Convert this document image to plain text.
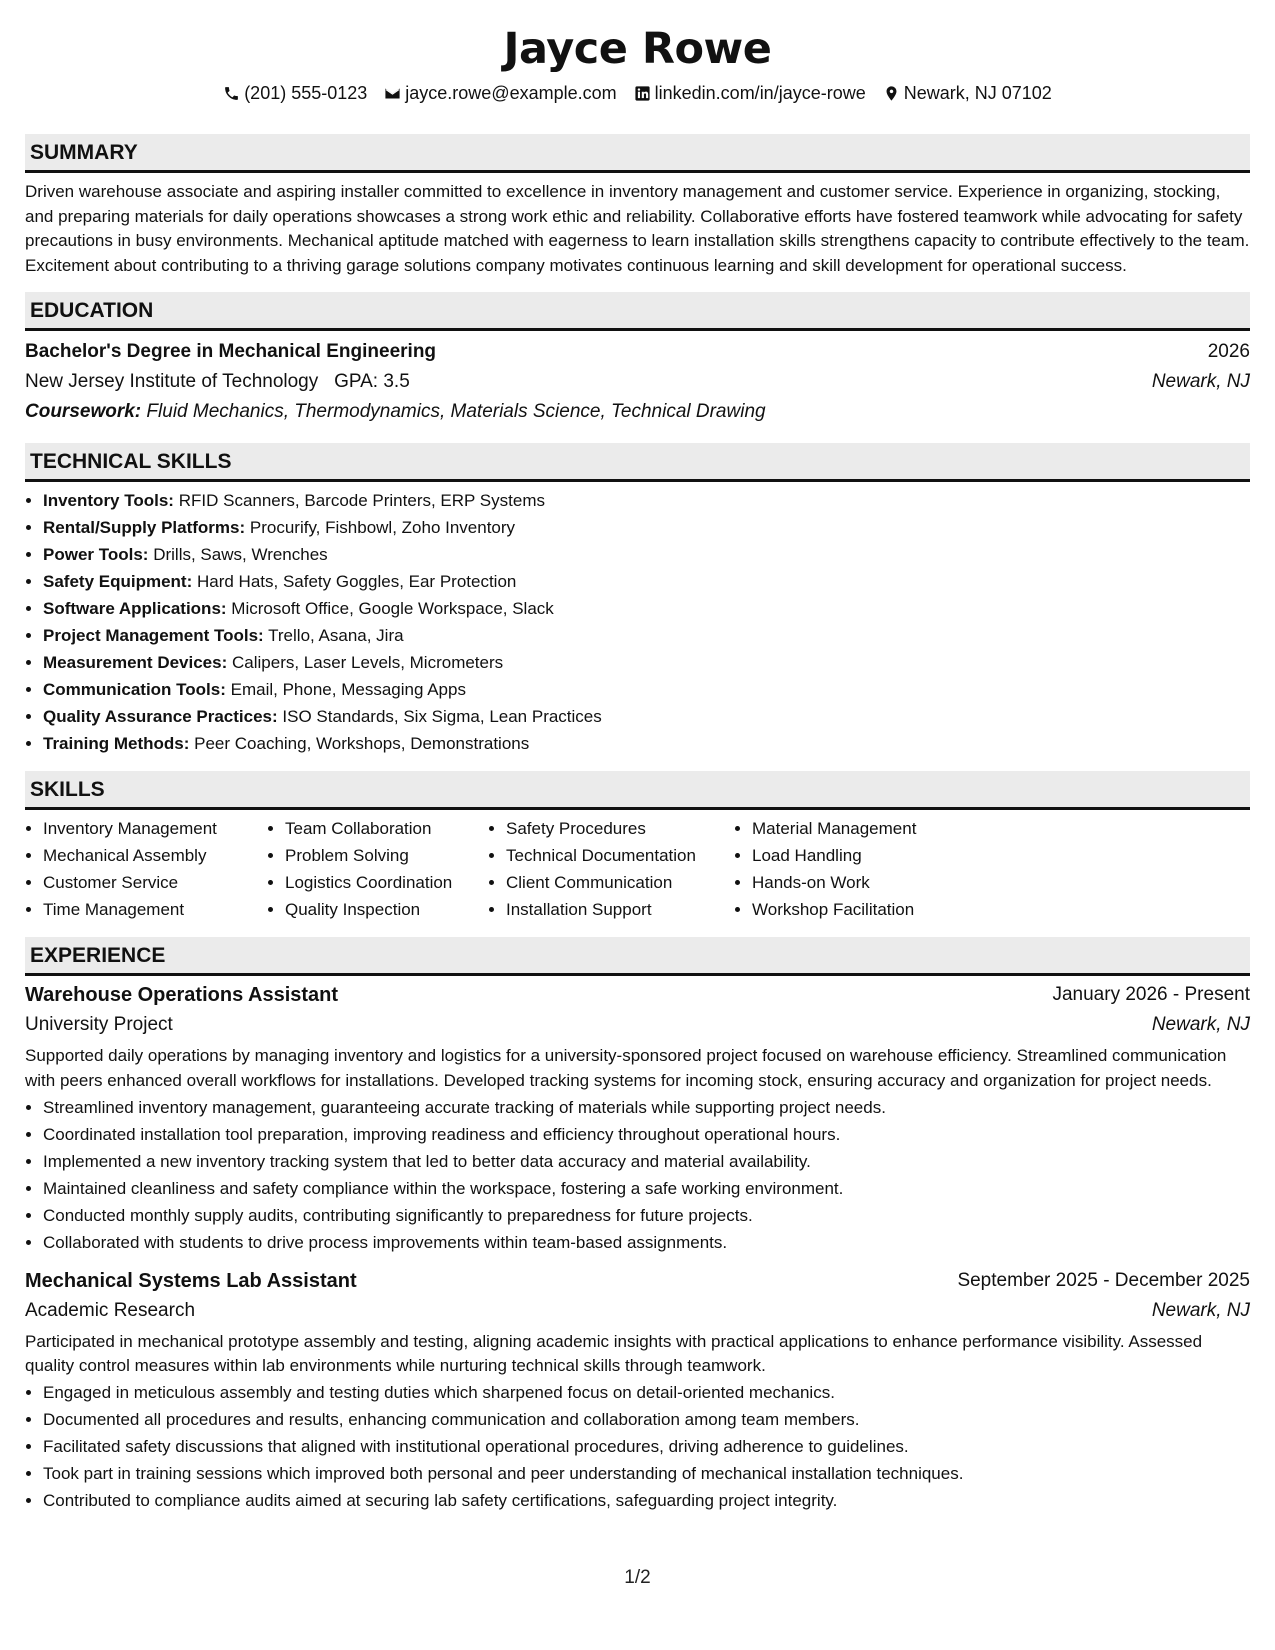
Jayce Rowe
(201) 555-0123 jayce.rowe@example.com linkedin.com/in/jayce-rowe Newark, NJ 07102
SUMMARY

Driven warehouse associate and aspiring installer committed to excellence in inventory management and customer service. Experience in organizing, stocking, and preparing materials for daily operations showcases a strong work ethic and reliability. Collaborative efforts have fostered teamwork while advocating for safety precautions in busy environments. Mechanical aptitude matched with eagerness to learn installation skills strengthens capacity to contribute effectively to the team. Excitement about contributing to a thriving garage solutions company motivates continuous learning and skill development for operational success.

EDUCATION
Bachelor's Degree in Mechanical Engineering	2026
New Jersey Institute of Technology GPA: 3.5	Newark, NJ
Coursework: Fluid Mechanics, Thermodynamics, Materials Science, Technical Drawing
TECHNICAL SKILLS
• Inventory Tools: RFID Scanners, Barcode Printers, ERP Systems
• Rental/Supply Platforms: Procurify, Fishbowl, Zoho Inventory
• Power Tools: Drills, Saws, Wrenches
• Safety Equipment: Hard Hats, Safety Goggles, Ear Protection
• Software Applications: Microsoft Office, Google Workspace, Slack
• Project Management Tools: Trello, Asana, Jira
• Measurement Devices: Calipers, Laser Levels, Micrometers
• Communication Tools: Email, Phone, Messaging Apps
• Quality Assurance Practices: ISO Standards, Six Sigma, Lean Practices
• Training Methods: Peer Coaching, Workshops, Demonstrations
SKILLS
• Inventory Management
• Mechanical Assembly
• Customer Service
• Time Management
• Team Collaboration
• Problem Solving
• Logistics Coordination
• Quality Inspection
• Safety Procedures
• Technical Documentation
• Client Communication
• Installation Support
• Material Management
• Load Handling
• Hands-on Work
• Workshop Facilitation
EXPERIENCE
Warehouse Operations Assistant	January 2026 - Present
University Project	Newark, NJ

Supported daily operations by managing inventory and logistics for a university-sponsored project focused on warehouse efficiency. Streamlined communication with peers enhanced overall workflows for installations. Developed tracking systems for incoming stock, ensuring accuracy and organization for project needs.

• Streamlined inventory management, guaranteeing accurate tracking of materials while supporting project needs.
• Coordinated installation tool preparation, improving readiness and efficiency throughout operational hours.
• Implemented a new inventory tracking system that led to better data accuracy and material availability.
• Maintained cleanliness and safety compliance within the workspace, fostering a safe working environment.
• Conducted monthly supply audits, contributing significantly to preparedness for future projects.
• Collaborated with students to drive process improvements within team-based assignments.
Mechanical Systems Lab Assistant	September 2025 - December 2025
Academic Research	Newark, NJ

Participated in mechanical prototype assembly and testing, aligning academic insights with practical applications to enhance performance visibility. Assessed quality control measures within lab environments while nurturing technical skills through teamwork.

• Engaged in meticulous assembly and testing duties which sharpened focus on detail-oriented mechanics.
• Documented all procedures and results, enhancing communication and collaboration among team members.
• Facilitated safety discussions that aligned with institutional operational procedures, driving adherence to guidelines.
• Took part in training sessions which improved both personal and peer understanding of mechanical installation techniques.
• Contributed to compliance audits aimed at securing lab safety certifications, safeguarding project integrity.
1/2
